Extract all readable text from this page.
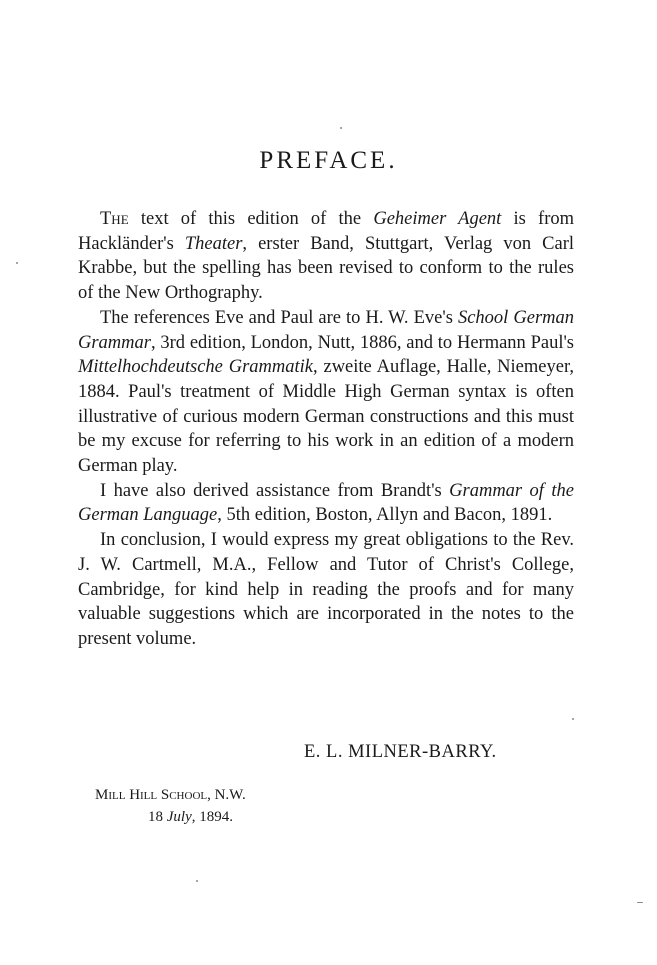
PREFACE.

The text of this edition of the Geheimer Agent is from Hackländer's Theater, erster Band, Stuttgart, Verlag von Carl Krabbe, but the spelling has been revised to conform to the rules of the New Orthography.

The references Eve and Paul are to H. W. Eve's School German Grammar, 3rd edition, London, Nutt, 1886, and to Hermann Paul's Mittelhochdeutsche Grammatik, zweite Auflage, Halle, Niemeyer, 1884. Paul's treatment of Middle High German syntax is often illustrative of curious modern German constructions and this must be my excuse for referring to his work in an edition of a modern German play.

I have also derived assistance from Brandt's Grammar of the German Language, 5th edition, Boston, Allyn and Bacon, 1891.

In conclusion, I would express my great obligations to the Rev. J. W. Cartmell, M.A., Fellow and Tutor of Christ's College, Cambridge, for kind help in reading the proofs and for many valuable suggestions which are incorporated in the notes to the present volume.

E. L. MILNER-BARRY.
Mill Hill School, N.W.
18 July, 1894.
